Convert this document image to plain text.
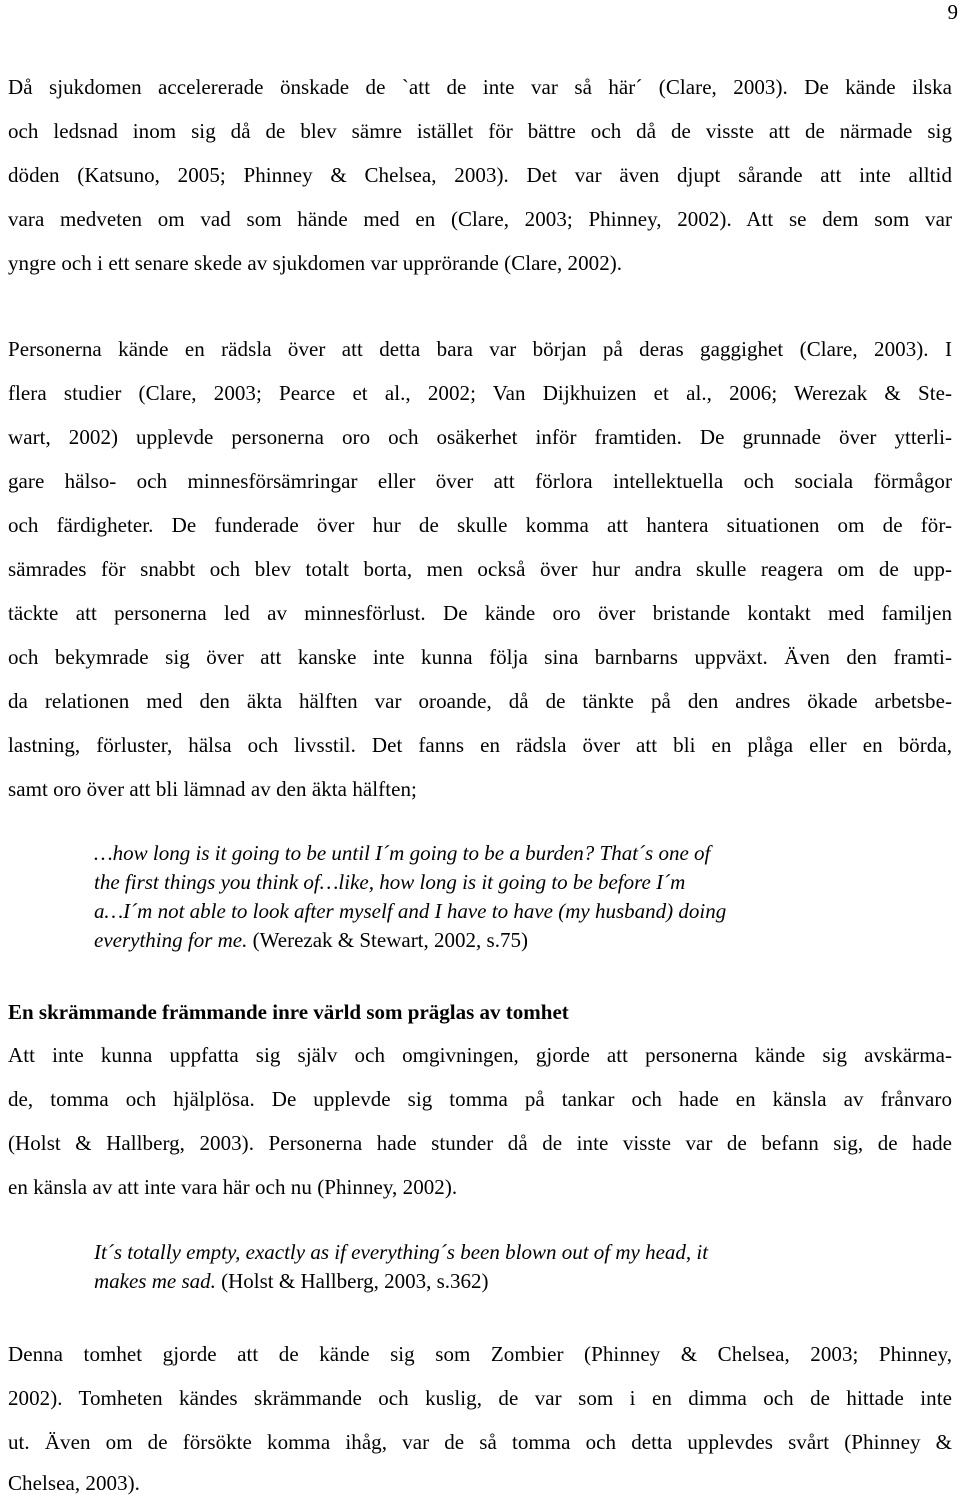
9
Då sjukdomen accelererade önskade de `att de inte var så här´ (Clare, 2003). De kände ilska
och ledsnad inom sig då de blev sämre istället för bättre och då de visste att de närmade sig
döden (Katsuno, 2005; Phinney & Chelsea, 2003). Det var även djupt sårande att inte alltid
vara medveten om vad som hände med en (Clare, 2003; Phinney, 2002). Att se dem som var
yngre och i ett senare skede av sjukdomen var upprörande (Clare, 2002).
Personerna kände en rädsla över att detta bara var början på deras gaggighet (Clare, 2003). I
flera studier (Clare, 2003; Pearce et al., 2002; Van Dijkhuizen et al., 2006; Werezak & Ste-
wart, 2002) upplevde personerna oro och osäkerhet inför framtiden. De grunnade över ytterli-
gare hälso- och minnesförsämringar eller över att förlora intellektuella och sociala förmågor
och färdigheter. De funderade över hur de skulle komma att hantera situationen om de för-
sämrades för snabbt och blev totalt borta, men också över hur andra skulle reagera om de upp-
täckte att personerna led av minnesförlust. De kände oro över bristande kontakt med familjen
och bekymrade sig över att kanske inte kunna följa sina barnbarns uppväxt. Även den framti-
da relationen med den äkta hälften var oroande, då de tänkte på den andres ökade arbetsbe-
lastning, förluster, hälsa och livsstil. Det fanns en rädsla över att bli en plåga eller en börda,
samt oro över att bli lämnad av den äkta hälften;
…how long is it going to be until I´m going to be a burden? That´s one of
the first things you think of…like, how long is it going to be before I´m
a…I´m not able to look after myself and I have to have (my husband) doing
everything for me. (Werezak & Stewart, 2002, s.75)
En skrämmande främmande inre värld som präglas av tomhet
Att inte kunna uppfatta sig själv och omgivningen, gjorde att personerna kände sig avskärma-
de, tomma och hjälplösa. De upplevde sig tomma på tankar och hade en känsla av frånvaro
(Holst & Hallberg, 2003). Personerna hade stunder då de inte visste var de befann sig, de hade
en känsla av att inte vara här och nu (Phinney, 2002).
It´s totally empty, exactly as if everything´s been blown out of my head, it
makes me sad. (Holst & Hallberg, 2003, s.362)
Denna tomhet gjorde att de kände sig som Zombier (Phinney & Chelsea, 2003; Phinney,
2002). Tomheten kändes skrämmande och kuslig, de var som i en dimma och de hittade inte
ut. Även om de försökte komma ihåg, var de så tomma och detta upplevdes svårt (Phinney &
Chelsea, 2003).
